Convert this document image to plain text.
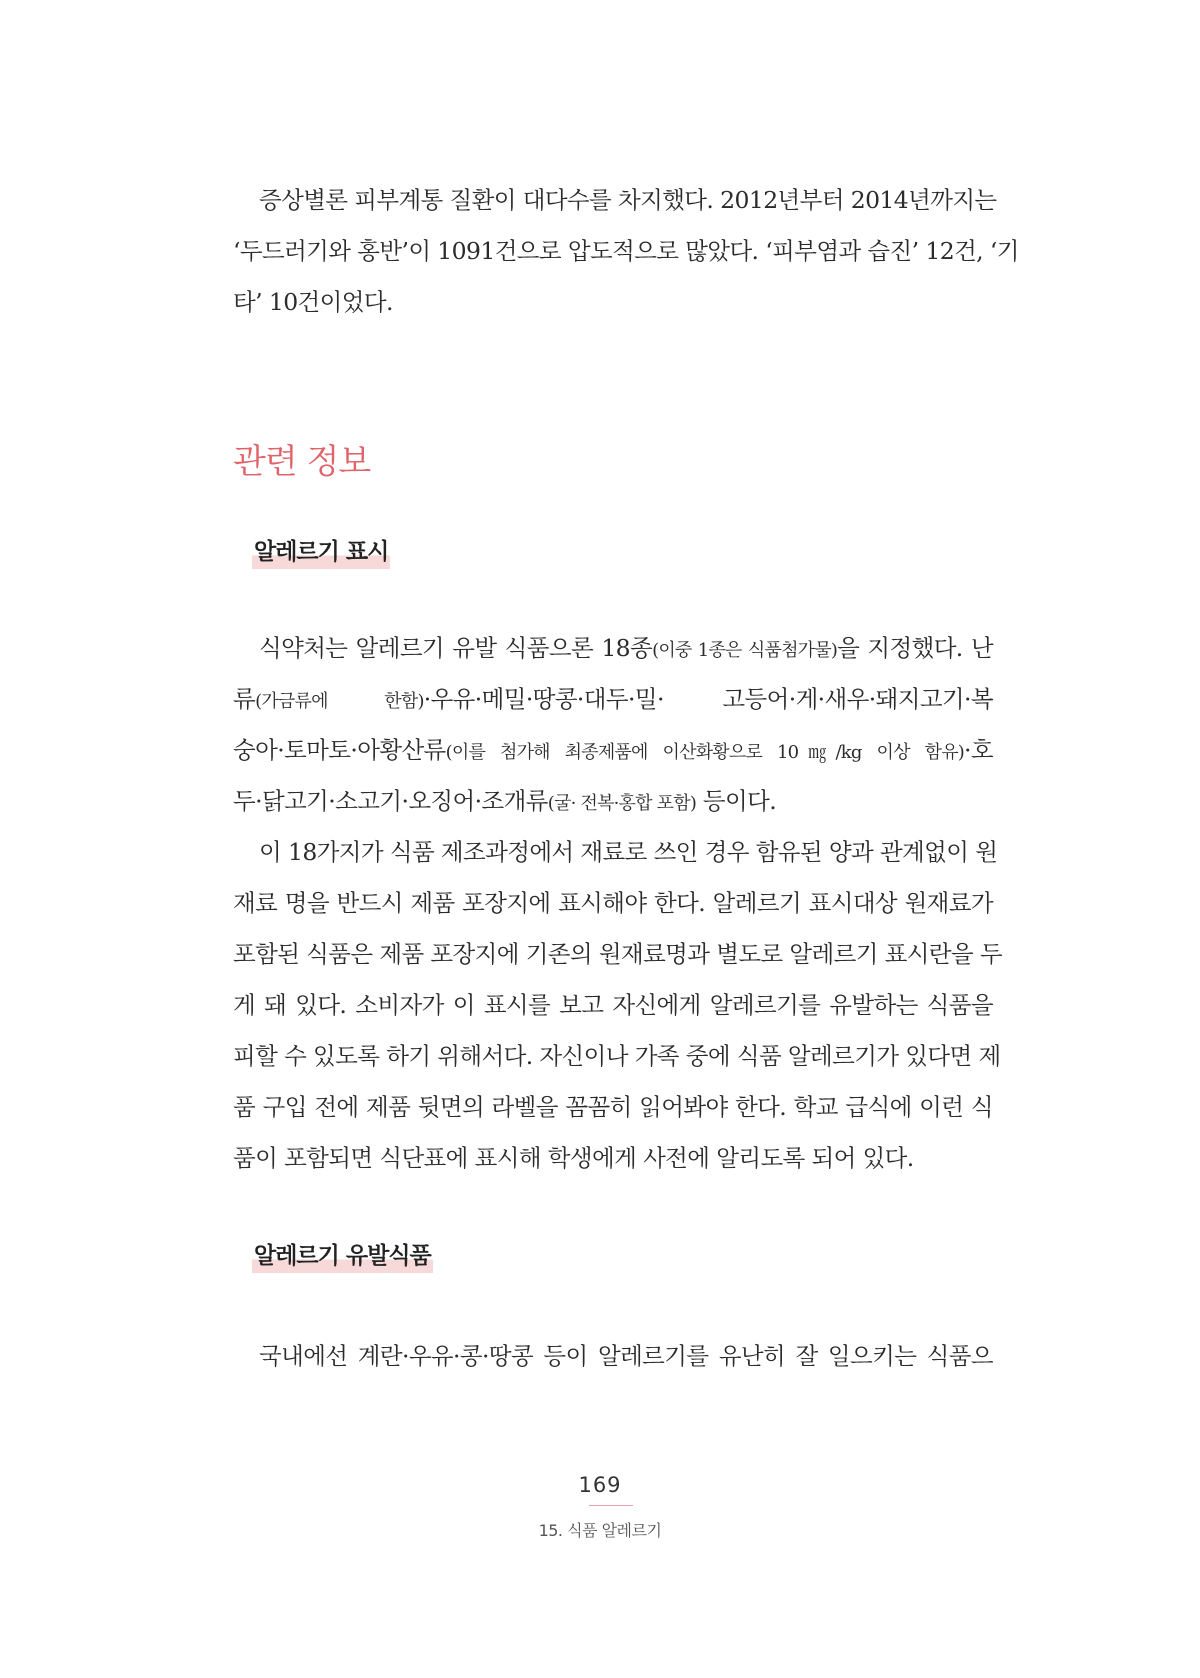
증상별론 피부계통 질환이 대다수를 차지했다. 2012년부터 2014년까지는
‘두드러기와 홍반’이 1091건으로 압도적으로 많았다. ‘피부염과 습진’ 12건, ‘기
타’ 10건이었다.
관련 정보
알레르기 표시
식약처는 알레르기 유발 식품으론 18종(이중 1종은 식품첨가물)을 지정했다. 난
류(가금류에 한함)·우유·메밀·땅콩·대두·밀· 고등어·게·새우·돼지고기·복
숭아·토마토·아황산류(이를 첨가해 최종제품에 이산화황으로 10㎎/kg 이상 함유)·호
두·닭고기·소고기·오징어·조개류(굴· 전복·홍합 포함) 등이다.
이 18가지가 식품 제조과정에서 재료로 쓰인 경우 함유된 양과 관계없이 원
재료 명을 반드시 제품 포장지에 표시해야 한다. 알레르기 표시대상 원재료가
포함된 식품은 제품 포장지에 기존의 원재료명과 별도로 알레르기 표시란을 두
게 돼 있다. 소비자가 이 표시를 보고 자신에게 알레르기를 유발하는 식품을
피할 수 있도록 하기 위해서다. 자신이나 가족 중에 식품 알레르기가 있다면 제
품 구입 전에 제품 뒷면의 라벨을 꼼꼼히 읽어봐야 한다. 학교 급식에 이런 식
품이 포함되면 식단표에 표시해 학생에게 사전에 알리도록 되어 있다.
알레르기 유발식품
국내에선 계란·우유·콩·땅콩 등이 알레르기를 유난히 잘 일으키는 식품으
169
15. 식품 알레르기
